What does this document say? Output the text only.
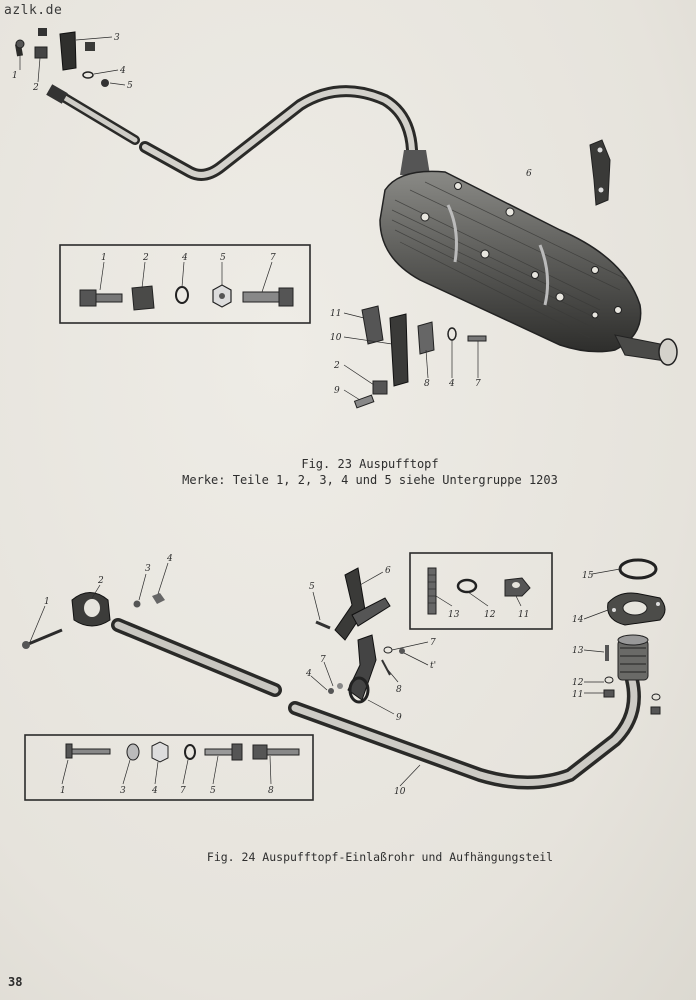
azlk.de
1
2
3
4
5
6
1	2	4	5	7
11
10
8 4 7
2
9
1
2
3
4
5
6
7
7
4
8
9
10
t'
13	12	11
15
14
13
12
11
1	3	4 7	5	8
Fig. 23 Auspufftopf
Merke: Teile 1, 2, 3, 4 und 5 siehe Untergruppe 1203
Fig. 24 Auspufftopf-Einlaßrohr und Aufhängungsteil
38
